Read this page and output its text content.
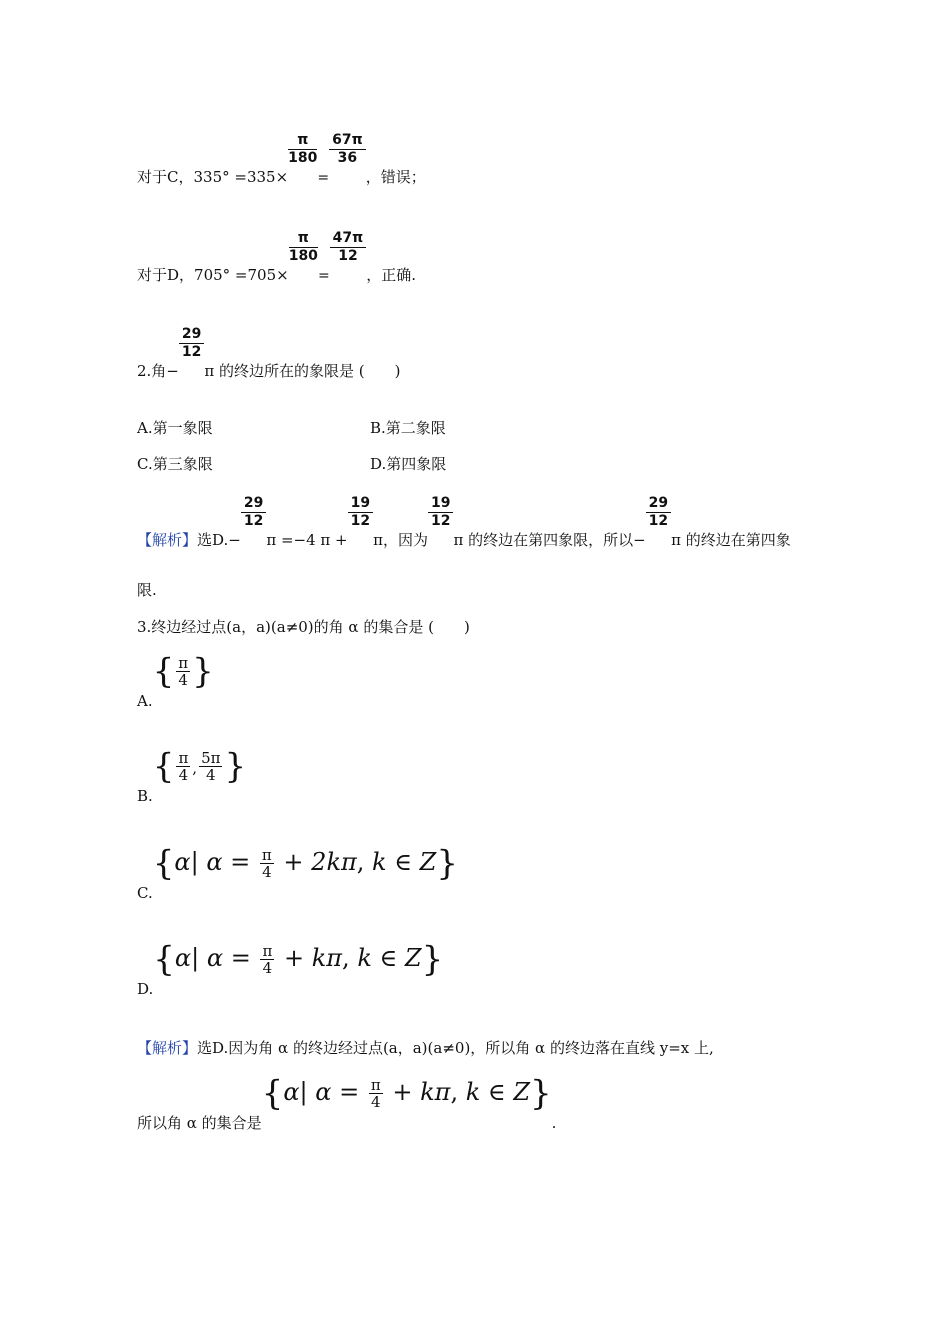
对于C，335° =335×
$\frac{\pi}{180}$
=
$\frac{67\pi}{36}$
，错误；
对于D，705° =705×
$\frac{\pi}{180}$
=
$\frac{47\pi}{12}$
，正确.
2.角−
$\frac{29}{12}$
π 的终边所在的象限是 (　　)
A.第一象限	B.第二象限
C.第三象限	D.第四象限
【解析】选D.−
$\frac{29}{12}$
π =−4 π +
$\frac{19}{12}$
π，因为
$\frac{19}{12}$
π 的终边在第四象限，所以−
$\frac{29}{12}$
π 的终边在第四象
限.
3.终边经过点(a，a)(a≠0)的角 α 的集合是 (　　)
$A.\{ \frac{\pi}{4}$ }
$B.\{ \frac{\pi}{4}$ , $\frac{5\pi}{4}$ }
C.{α| $\alpha = \frac{\pi}{4} + 2k\pi$, k ∈ Z}
D.{α| $\alpha = \frac{\pi}{4} + k\pi$, k ∈ Z}
【解析】选D.因为角 α 的终边经过点(a，a)(a≠0)，所以角 α 的终边落在直线 y=x 上,
所以角 α 的集合是{α| $\alpha = \frac{\pi}{4} + k\pi$, k ∈ Z}.
